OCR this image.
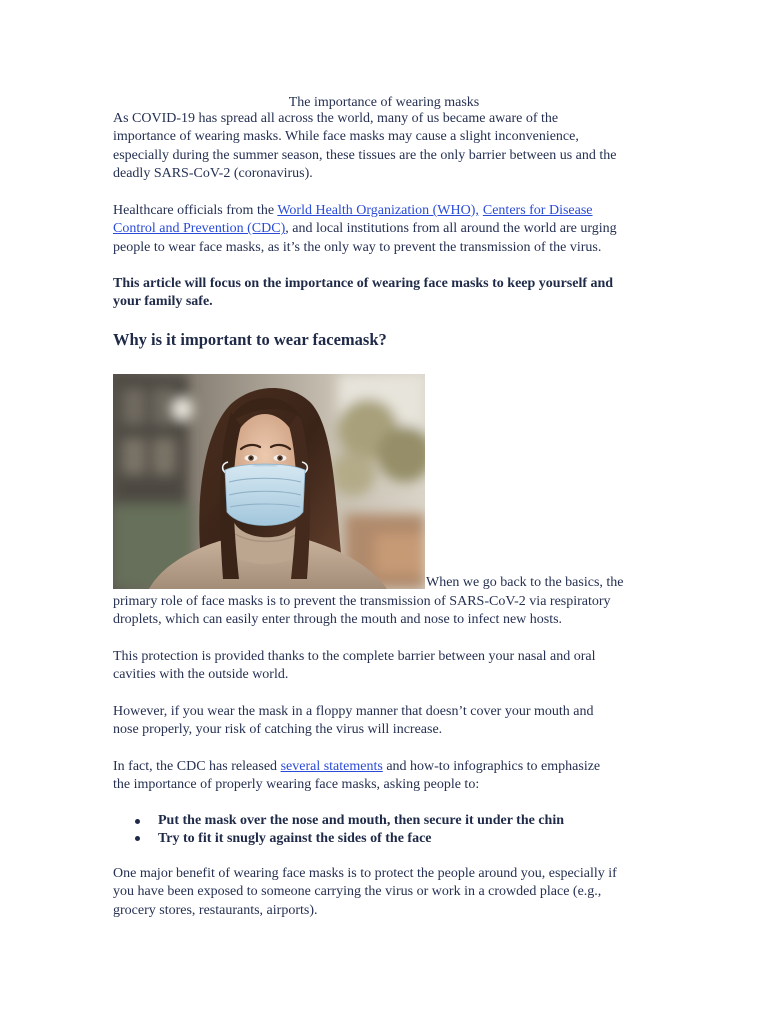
The importance of wearing masks
As COVID-19 has spread all across the world, many of us became aware of the
importance of wearing masks. While face masks may cause a slight inconvenience,
especially during the summer season, these tissues are the only barrier between us and the
deadly SARS-CoV-2 (coronavirus).
Healthcare officials from the World Health Organization (WHO), Centers for Disease
Control and Prevention (CDC), and local institutions from all around the world are urging
people to wear face masks, as it’s the only way to prevent the transmission of the virus.
This article will focus on the importance of wearing face masks to keep yourself and
your family safe.
Why is it important to wear facemask?
When we go back to the basics, the
primary role of face masks is to prevent the transmission of SARS-CoV-2 via respiratory
droplets, which can easily enter through the mouth and nose to infect new hosts.
This protection is provided thanks to the complete barrier between your nasal and oral
cavities with the outside world.
However, if you wear the mask in a floppy manner that doesn’t cover your mouth and
nose properly, your risk of catching the virus will increase.
In fact, the CDC has released several statements and how-to infographics to emphasize
the importance of properly wearing face masks, asking people to:
Put the mask over the nose and mouth, then secure it under the chin
Try to fit it snugly against the sides of the face
One major benefit of wearing face masks is to protect the people around you, especially if
you have been exposed to someone carrying the virus or work in a crowded place (e.g.,
grocery stores, restaurants, airports).
